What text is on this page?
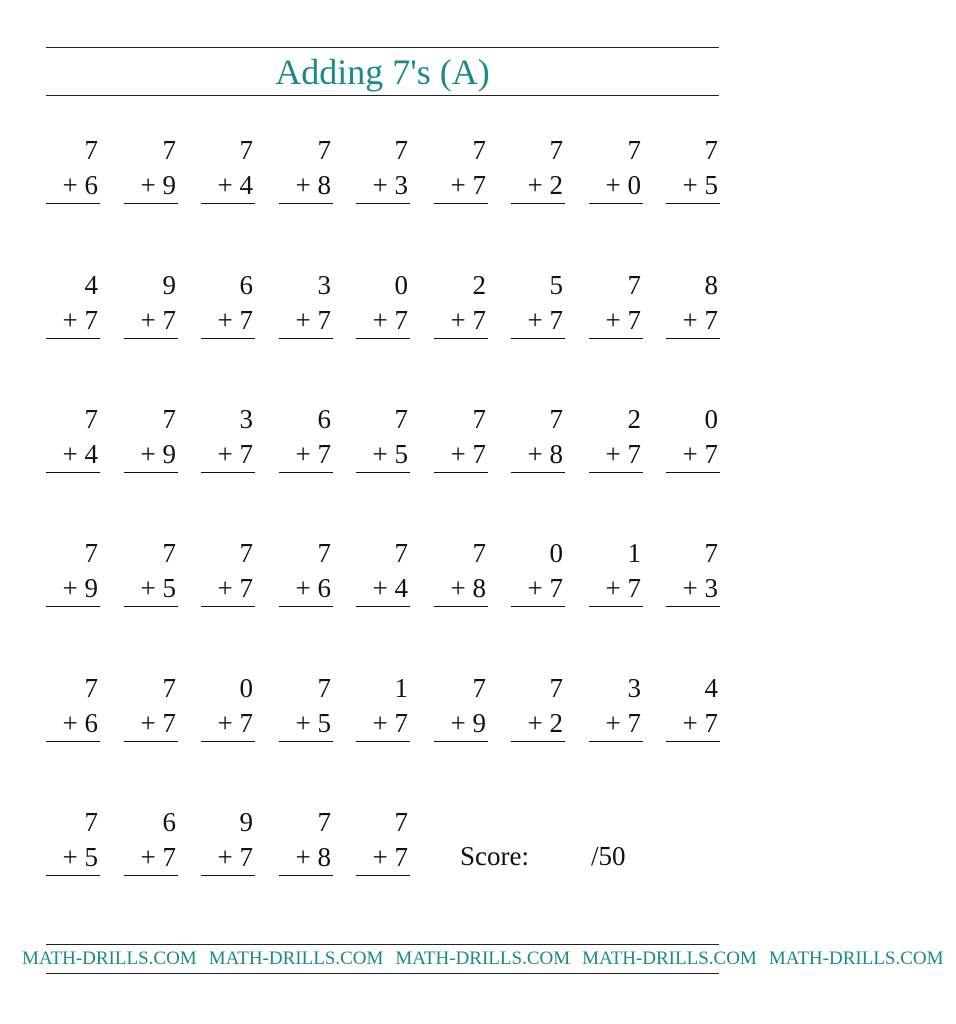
Adding 7's (A)
7
+ 6
7
+ 9
7
+ 4
7
+ 8
7
+ 3
7
+ 7
7
+ 2
7
+ 0
7
+ 5
4
+ 7
9
+ 7
6
+ 7
3
+ 7
0
+ 7
2
+ 7
5
+ 7
7
+ 7
8
+ 7
7
+ 4
7
+ 9
3
+ 7
6
+ 7
7
+ 5
7
+ 7
7
+ 8
2
+ 7
0
+ 7
7
+ 9
7
+ 5
7
+ 7
7
+ 6
7
+ 4
7
+ 8
0
+ 7
1
+ 7
7
+ 3
7
+ 6
7
+ 7
0
+ 7
7
+ 5
1
+ 7
7
+ 9
7
+ 2
3
+ 7
4
+ 7
7
+ 5
6
+ 7
9
+ 7
7
+ 8
7
+ 7 Score: /50
MATH-DRILLS.COM MATH-DRILLS.COM MATH-DRILLS.COM MATH-DRILLS.COM MATH-DRILLS.COM
